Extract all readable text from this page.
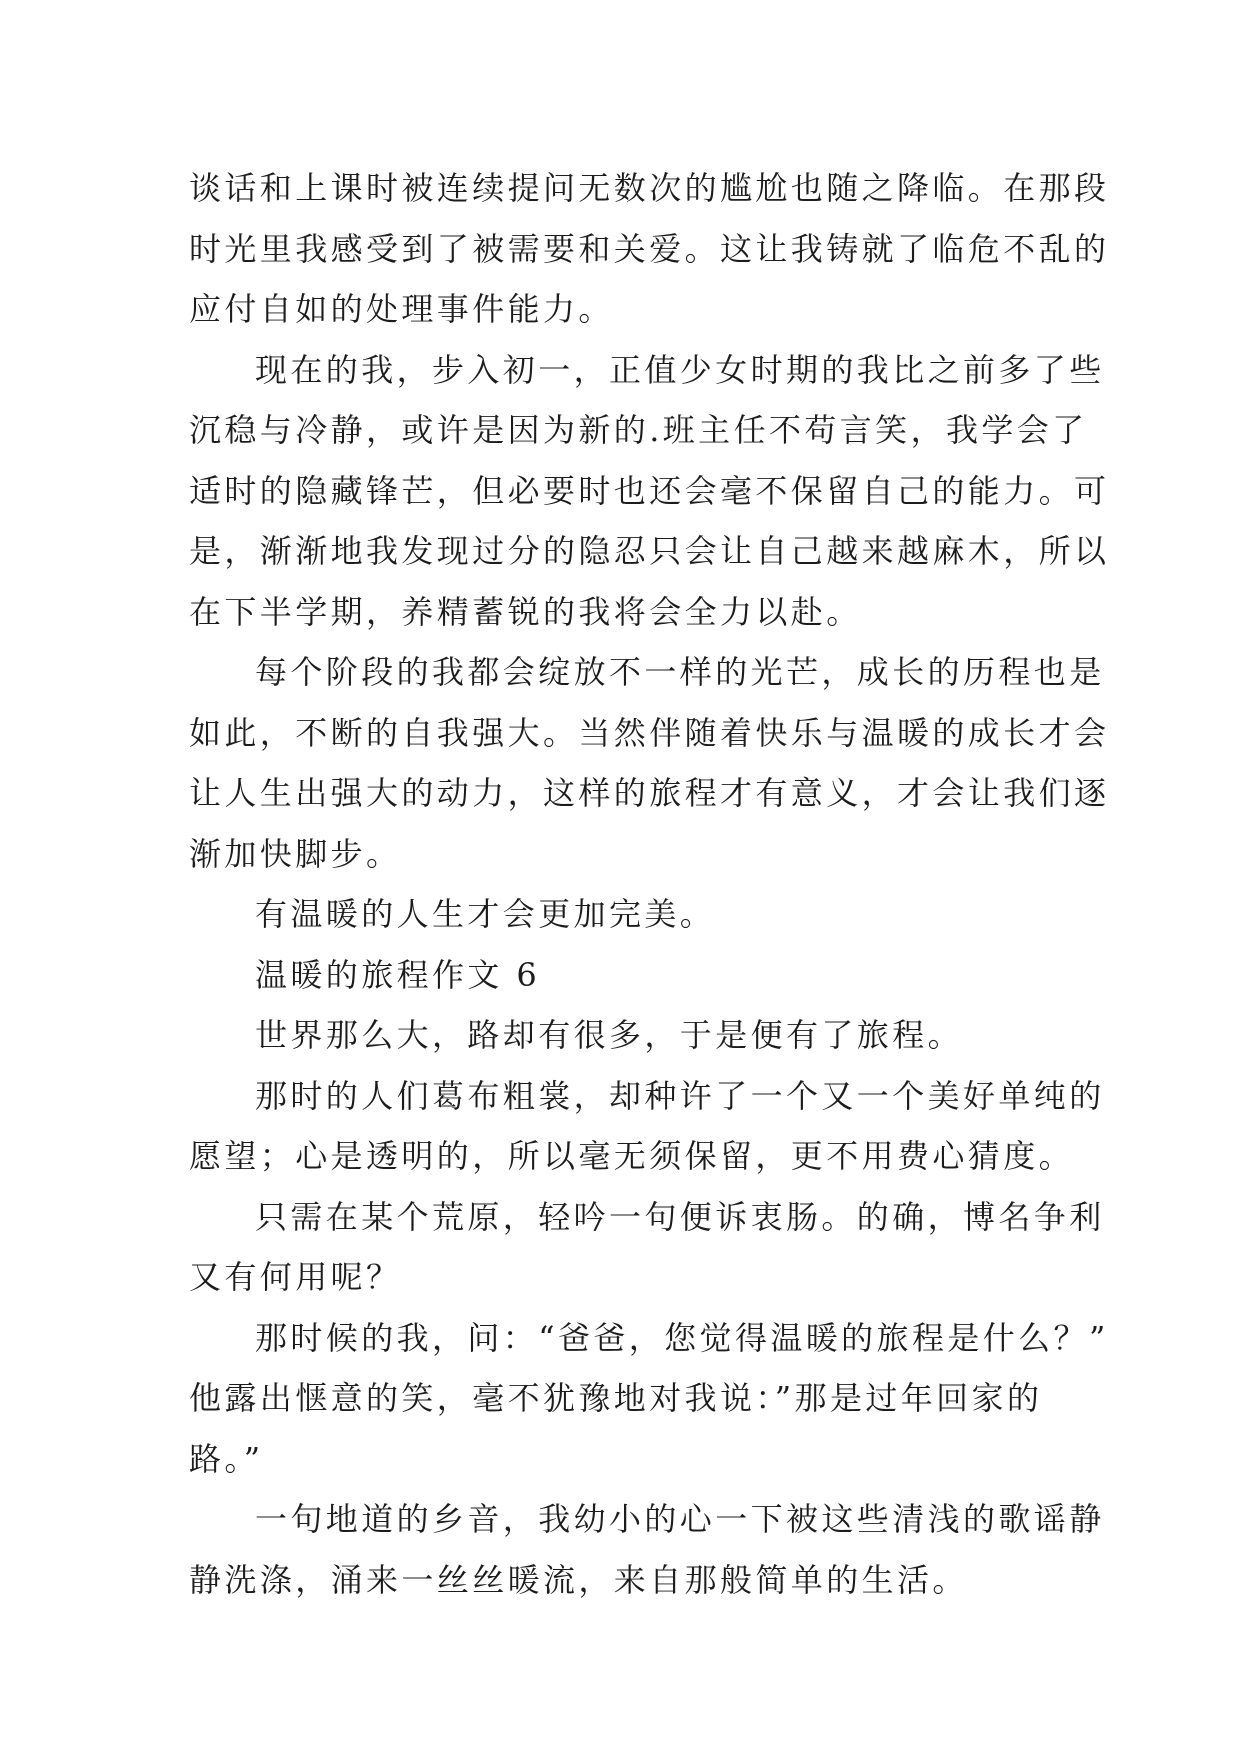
谈话和上课时被连续提问无数次的尴尬也随之降临。在那段
时光里我感受到了被需要和关爱。这让我铸就了临危不乱的
应付自如的处理事件能力。
现在的我，步入初一，正值少女时期的我比之前多了些
沉稳与冷静，或许是因为新的.班主任不苟言笑，我学会了
适时的隐藏锋芒，但必要时也还会毫不保留自己的能力。可
是，渐渐地我发现过分的隐忍只会让自己越来越麻木，所以
在下半学期，养精蓄锐的我将会全力以赴。
每个阶段的我都会绽放不一样的光芒，成长的历程也是
如此，不断的自我强大。当然伴随着快乐与温暖的成长才会
让人生出强大的动力，这样的旅程才有意义，才会让我们逐
渐加快脚步。
有温暖的人生才会更加完美。
温暖的旅程作文 6
世界那么大，路却有很多，于是便有了旅程。
那时的人们葛布粗裳，却种许了一个又一个美好单纯的
愿望；心是透明的，所以毫无须保留，更不用费心猜度。
只需在某个荒原，轻吟一句便诉衷肠。的确，博名争利
又有何用呢？
那时候的我，问：“爸爸，您觉得温暖的旅程是什么？”
他露出惬意的笑，毫不犹豫地对我说：”那是过年回家的
路。”
一句地道的乡音，我幼小的心一下被这些清浅的歌谣静
静洗涤，涌来一丝丝暖流，来自那般简单的生活。
